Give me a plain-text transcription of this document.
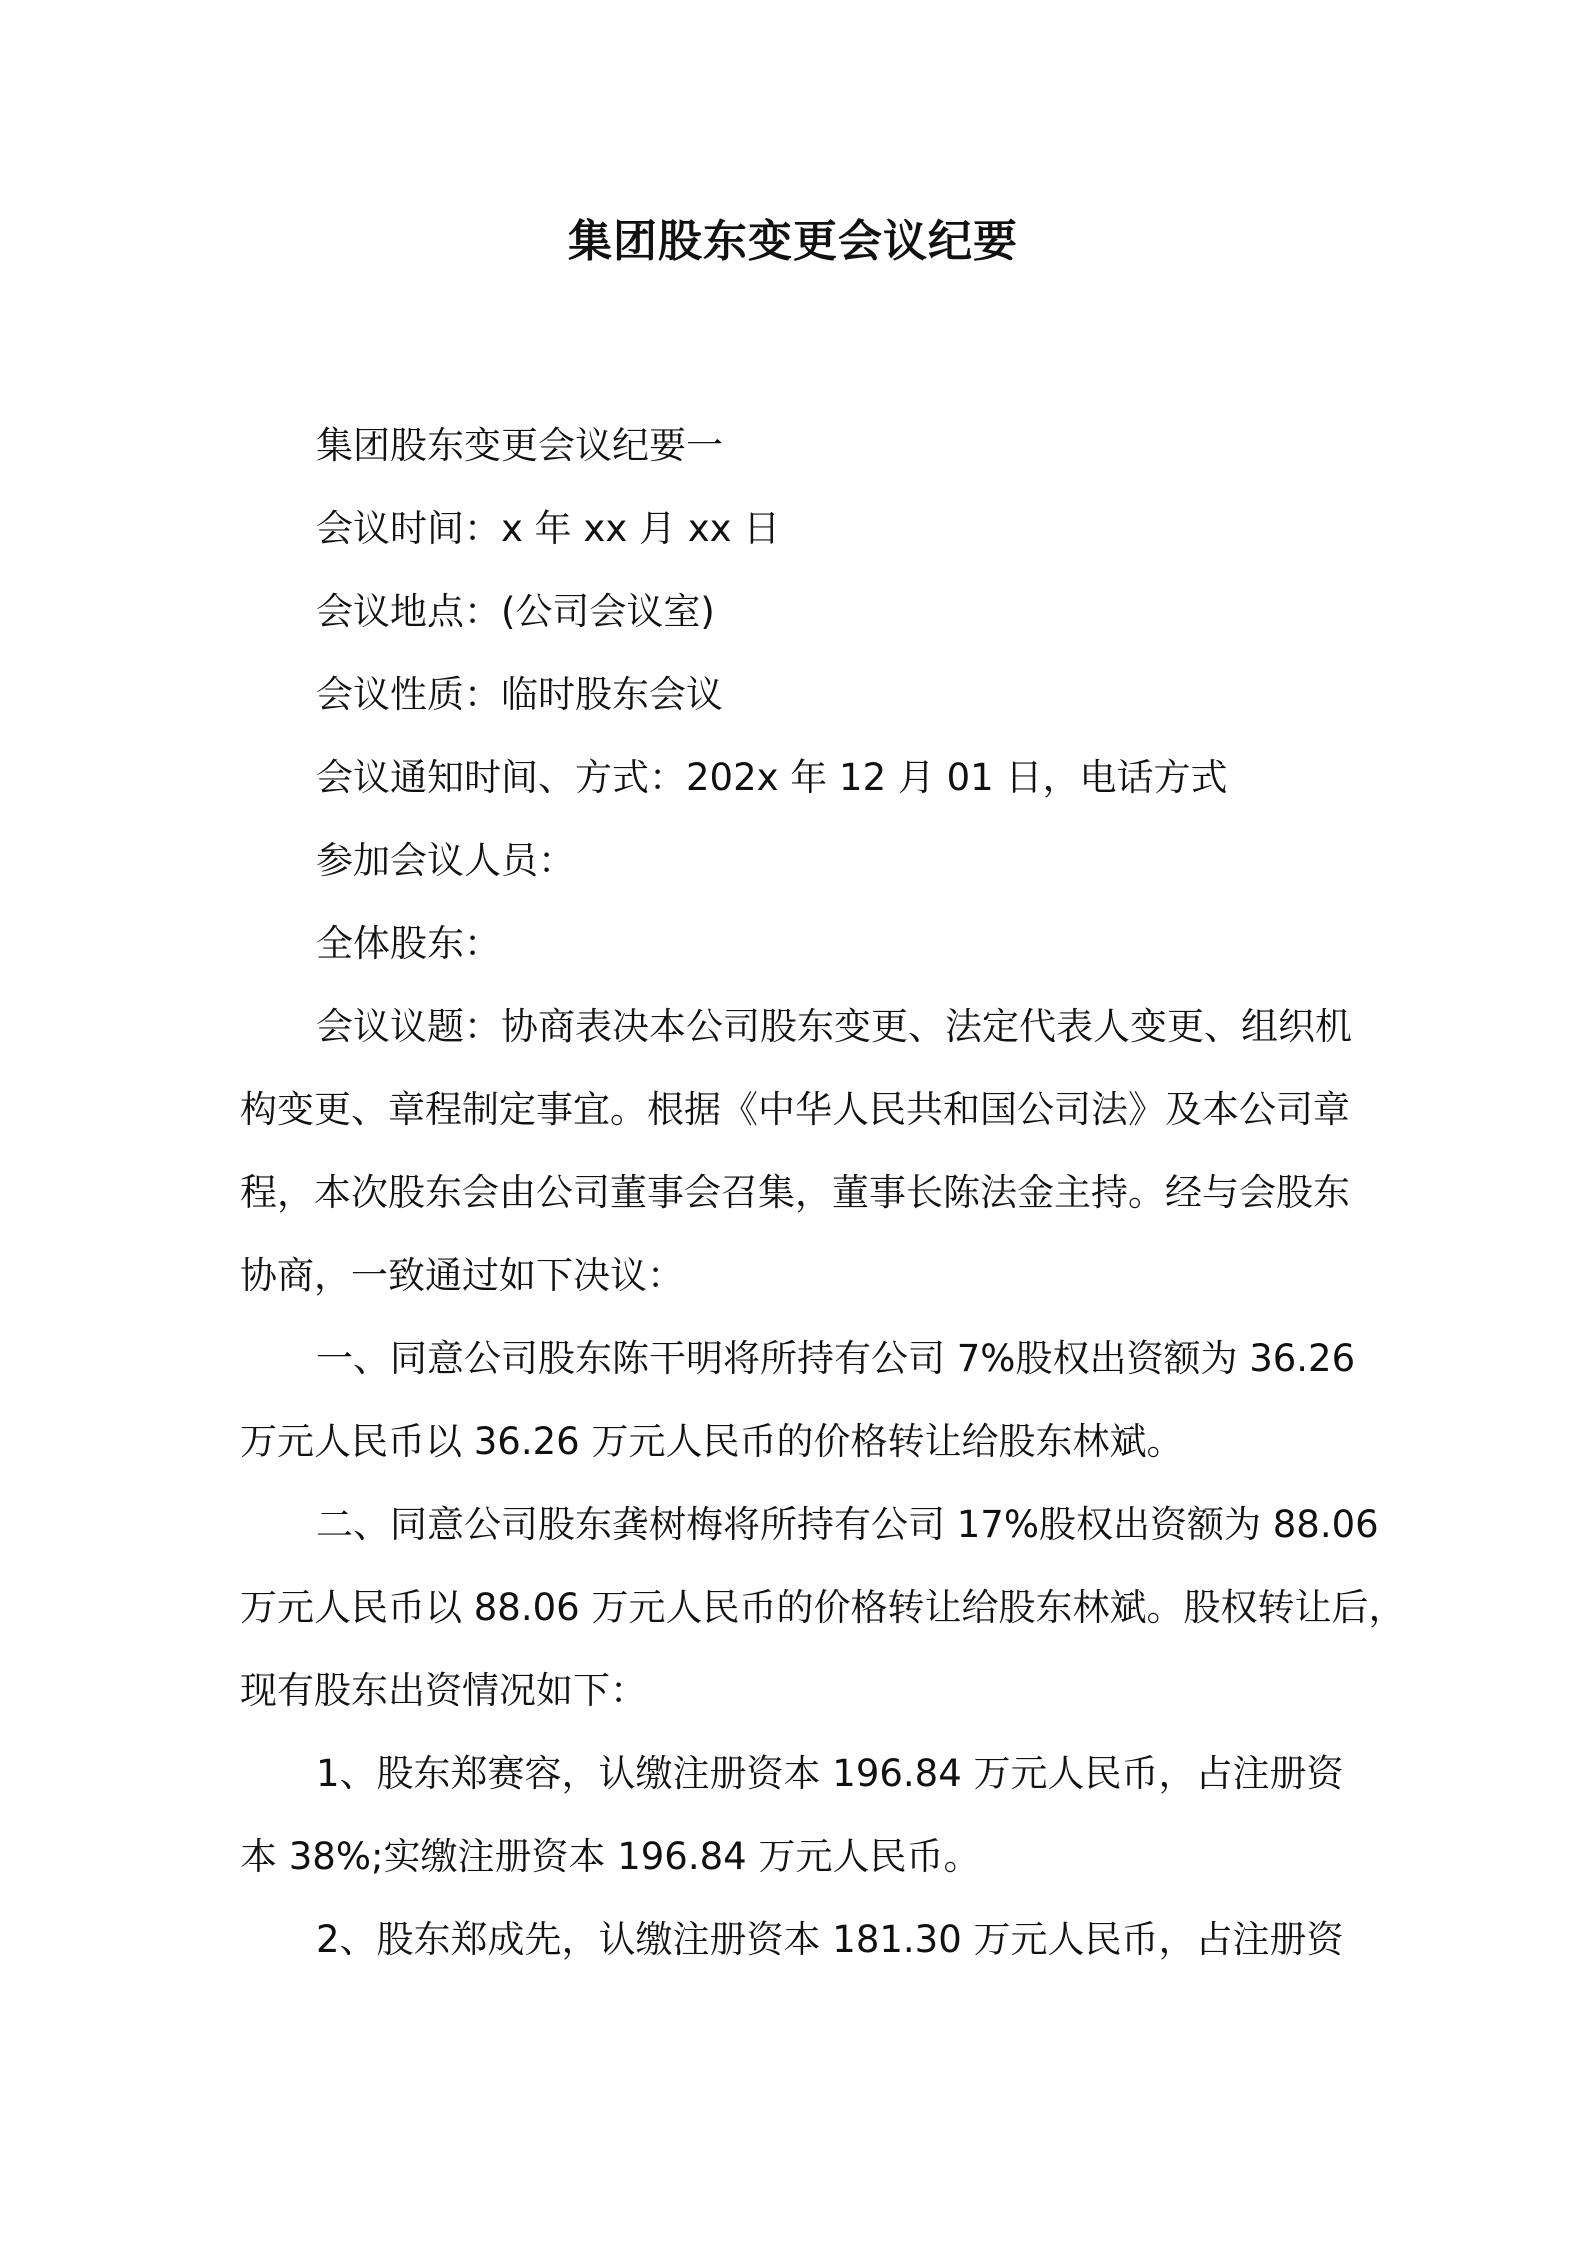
集团股东变更会议纪要
集团股东变更会议纪要一
会议时间：x 年 xx 月 xx 日
会议地点：(公司会议室)
会议性质：临时股东会议
会议通知时间、方式：202x 年 12 月 01 日，电话方式
参加会议人员：
全体股东：
会议议题：协商表决本公司股东变更、法定代表人变更、组织机
构变更、章程制定事宜。根据《中华人民共和国公司法》及本公司章
程，本次股东会由公司董事会召集，董事长陈法金主持。经与会股东
协商，一致通过如下决议：
一、同意公司股东陈干明将所持有公司 7%股权出资额为 36.26
万元人民币以 36.26 万元人民币的价格转让给股东林斌。
二、同意公司股东龚树梅将所持有公司 17%股权出资额为 88.06
万元人民币以 88.06 万元人民币的价格转让给股东林斌。股权转让后，
现有股东出资情况如下：
1、股东郑赛容，认缴注册资本 196.84 万元人民币，占注册资
本 38%;实缴注册资本 196.84 万元人民币。
2、股东郑成先，认缴注册资本 181.30 万元人民币，占注册资
